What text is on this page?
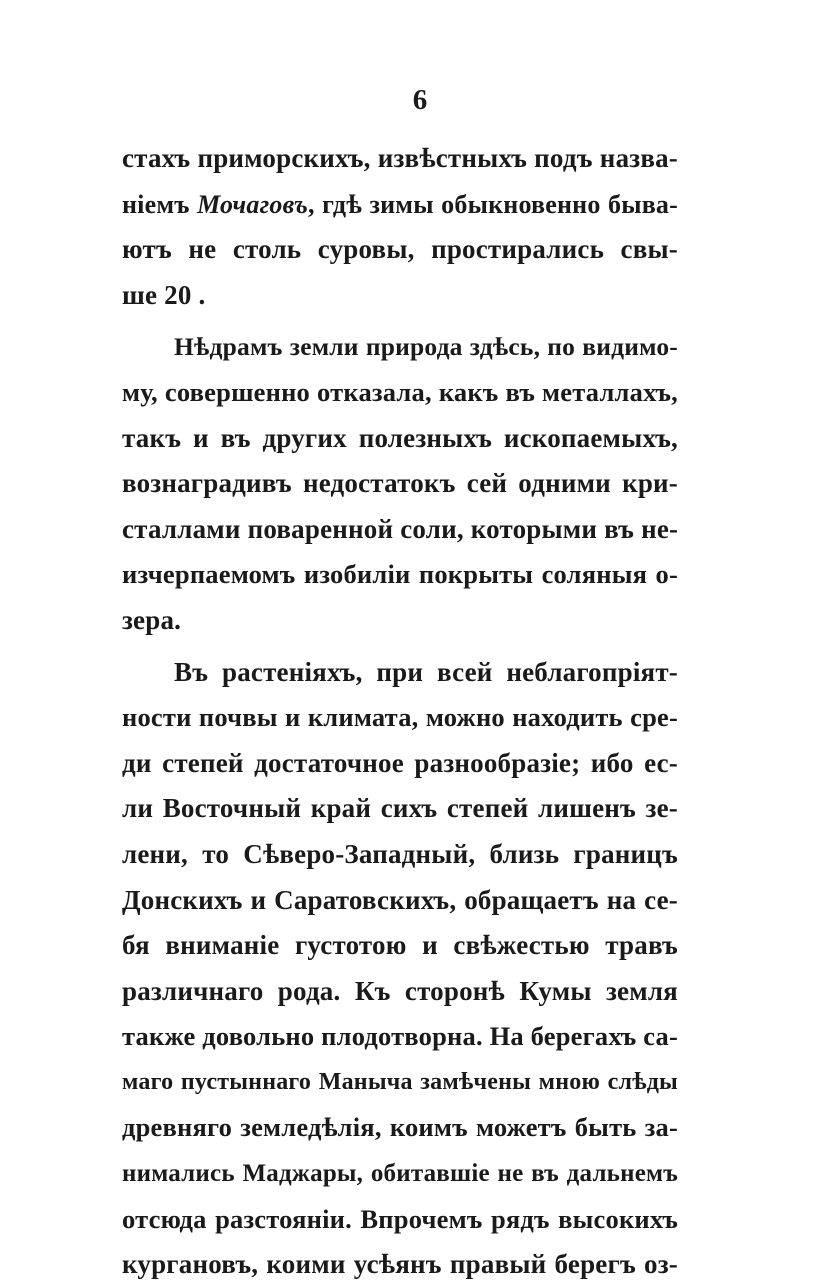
6
стахъ приморскихъ, извѣстныхъ подъ назва-
ніемъ Мочаговъ, гдѣ зимы обыкновенно быва-
ютъ не столь суровы, простирались свы-
ше 20 .
Нѣдрамъ земли природа здѣсь, по видимо-
му, совершенно отказала, какъ въ металлахъ,
такъ и въ других полезныхъ ископаемыхъ,
вознаградивъ недостатокъ сей одними кри-
сталлами поваренной соли, которыми въ не-
изчерпаемомъ изобиліи покрыты соляныя о-
зера.
Въ растеніяхъ, при всей неблагопріят-
ности почвы и климата, можно находить сре-
ди степей достаточное разнообразіе; ибо ес-
ли Восточный край сихъ степей лишенъ зе-
лени, то Сѣверо-Западный, близь границъ
Донскихъ и Саратовскихъ, обращаетъ на се-
бя вниманіе густотою и свѣжестью травъ
различнаго рода. Къ сторонѣ Кумы земля
также довольно плодотворна. На берегахъ са-
маго пустыннаго Маныча замѣчены мною слѣды
древняго земледѣлія, коимъ можетъ быть за-
нимались Маджары, обитавшіе не въ дальнемъ
отсюда разстояніи. Впрочемъ рядъ высокихъ
кургановъ, коими усѣянъ правый берегъ оз-
